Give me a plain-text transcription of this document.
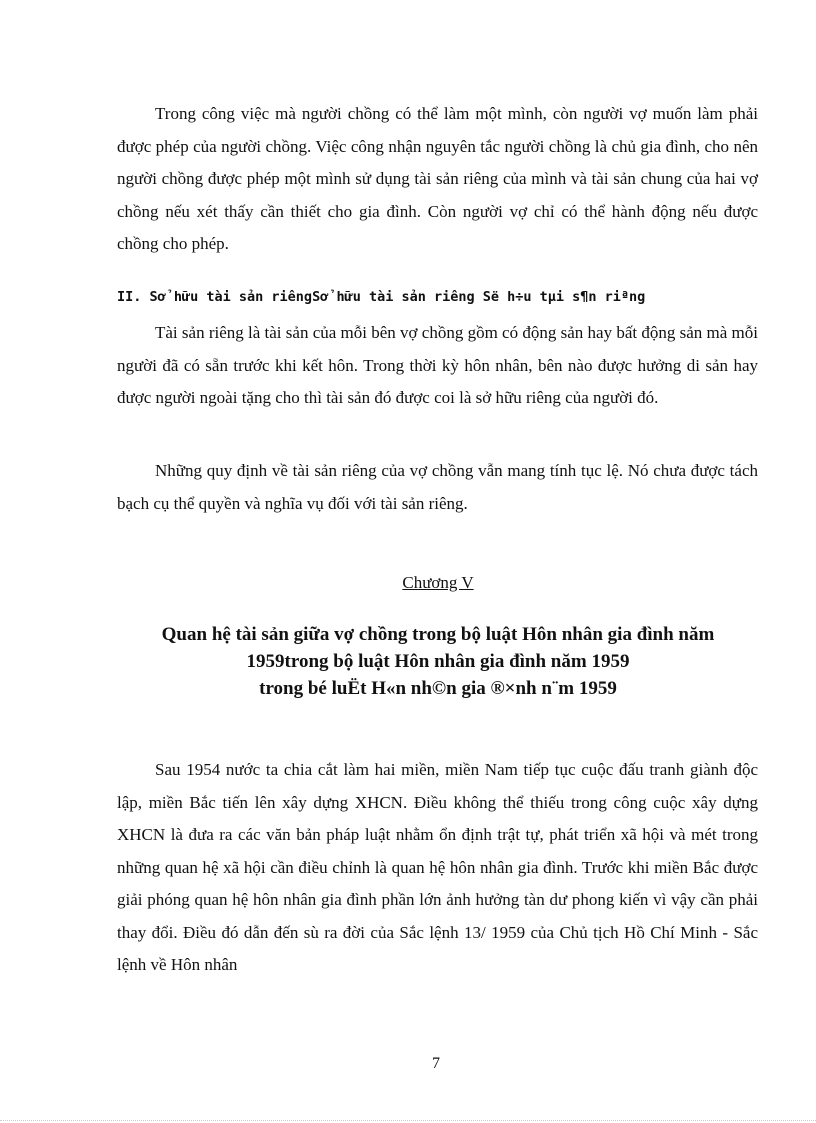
Trong công việc mà người chồng có thể làm một mình, còn người vợ muốn làm phải được phép của người chồng. Việc công nhận nguyên tắc người chồng là chủ gia đình, cho nên người chồng được phép một mình sử dụng tài sản riêng của mình và tài sản chung của hai vợ chồng nếu xét thấy cần thiết cho gia đình. Còn người vợ chỉ có thể hành động nếu được chồng cho phép.

II. Sở hữu tài sản riêngSở hữu tài sản riêng Së h÷u tµi s¶n riªng

Tài sản riêng là tài sản của mỗi bên vợ chồng gồm có động sản hay bất động sản mà mỗi người đã có sẵn trước khi kết hôn. Trong thời kỳ hôn nhân, bên nào được hưởng di sản hay được người ngoài tặng cho thì tài sản đó được coi là sở hữu riêng của người đó.

Những quy định về tài sản riêng của vợ chồng vẫn mang tính tục lệ. Nó chưa được tách bạch cụ thể quyền và nghĩa vụ đối với tài sản riêng.

Chương V

Quan hệ tài sản giữa vợ chồng trong bộ luật Hôn nhân gia đình năm
1959trong bộ luật Hôn nhân gia đình năm 1959
trong bé luËt H«n nh©n gia ®×nh n¨m 1959

Sau 1954 nước ta chia cắt làm hai miền, miền Nam tiếp tục cuộc đấu tranh giành độc lập, miền Bắc tiến lên xây dựng XHCN. Điều không thể thiếu trong công cuộc xây dựng XHCN là đưa ra các văn bản pháp luật nhằm ổn định trật tự, phát triển xã hội và mét trong những quan hệ xã hội cần điều chỉnh là quan hệ hôn nhân gia đình. Trước khi miền Bắc được giải phóng quan hệ hôn nhân gia đình phần lớn ảnh hưởng tàn dư phong kiến vì vậy cần phải thay đổi. Điều đó dẫn đến sù ra đời của Sắc lệnh 13/ 1959 của Chủ tịch Hồ Chí Minh - Sắc lệnh về Hôn nhân

7
